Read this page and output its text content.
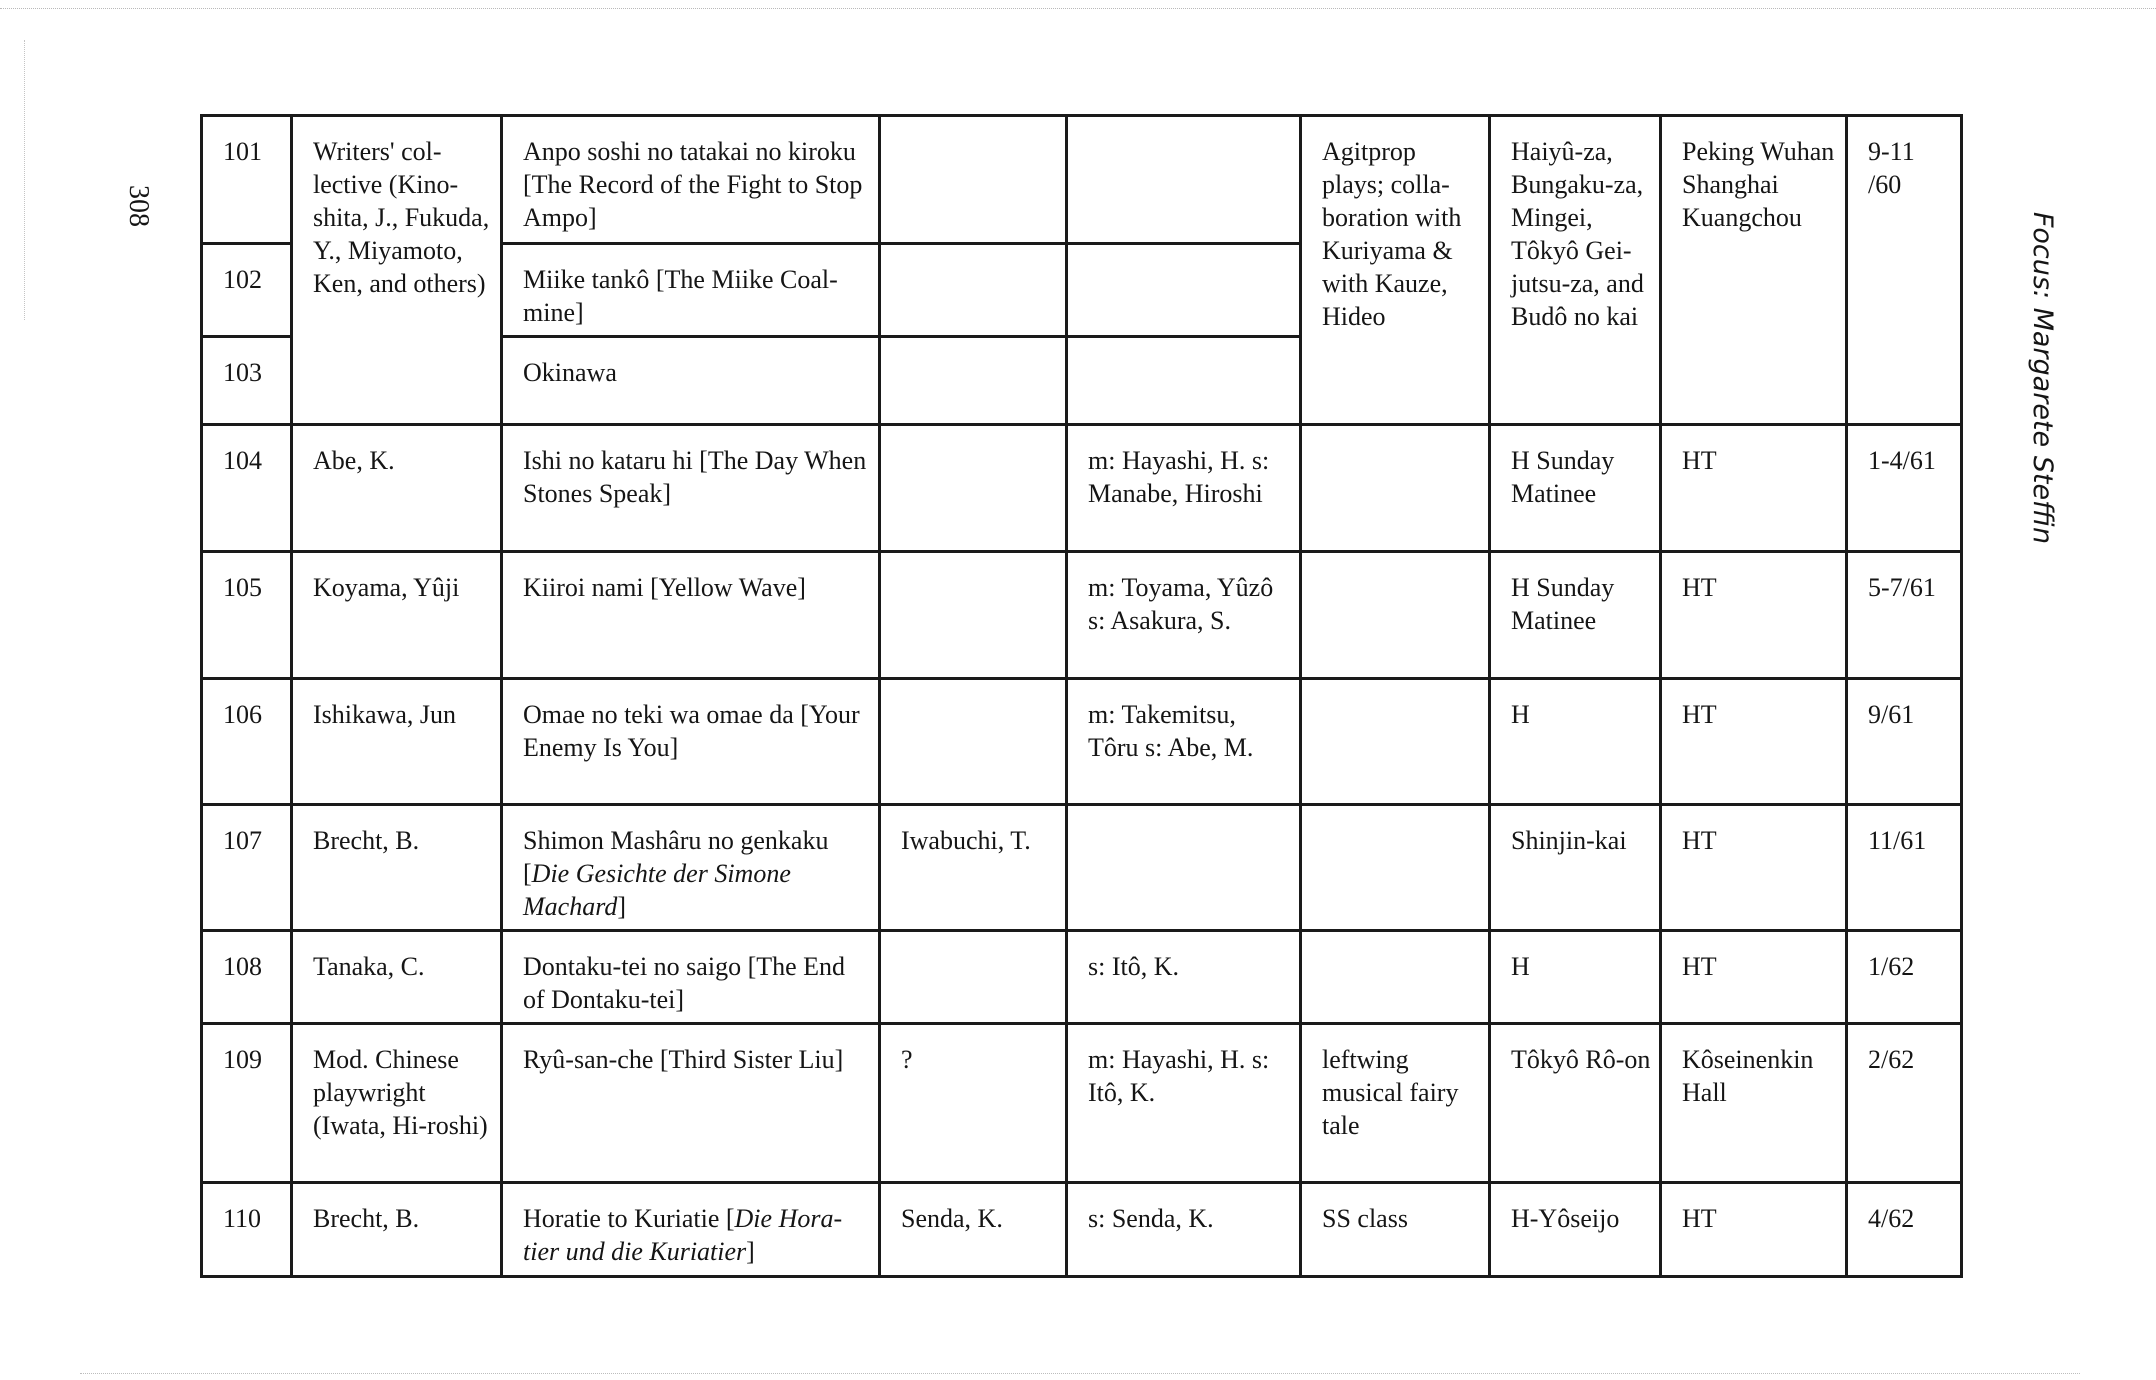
308
Focus: Margarete Steffin
101	Writers' col-lective (Kino-shita, J., Fukuda, Y., Miyamoto, Ken, and others)	Anpo soshi no tatakai no kiroku [The Record of the Fight to Stop Ampo]			Agitprop plays; colla-boration with Kuriyama & with Kauze, Hideo	Haiyû-za, Bungaku-za, Mingei, Tôkyô Gei-jutsu-za, and Budô no kai	Peking Wuhan Shanghai Kuangchou	9-11 /60
102		Miike tankô [The Miike Coal-mine]						
103		Okinawa						
104	Abe, K.	Ishi no kataru hi [The Day When Stones Speak]		m: Hayashi, H. s: Manabe, Hiroshi		H Sunday Matinee	HT	1-4/61
105	Koyama, Yûji	Kiiroi nami [Yellow Wave]		m: Toyama, Yûzô s: Asakura, S.		H Sunday Matinee	HT	5-7/61
106	Ishikawa, Jun	Omae no teki wa omae da [Your Enemy Is You]		m: Takemitsu, Tôru s: Abe, M.		H	HT	9/61
107	Brecht, B.	Shimon Mashâru no genkaku [Die Gesichte der Simone Machard]	Iwabuchi, T.			Shinjin-kai	HT	11/61
108	Tanaka, C.	Dontaku-tei no saigo [The End of Dontaku-tei]		s: Itô, K.		H	HT	1/62
109	Mod. Chinese playwright (Iwata, Hi-roshi)	Ryû-san-che [Third Sister Liu]	?	m: Hayashi, H. s: Itô, K.	leftwing musical fairy tale	Tôkyô Rô-on	Kôseinenkin Hall	2/62
110	Brecht, B.	Horatie to Kuriatie [Die Hora-tier und die Kuriatier]	Senda, K.	s: Senda, K.	SS class	H-Yôseijo	HT	4/62
